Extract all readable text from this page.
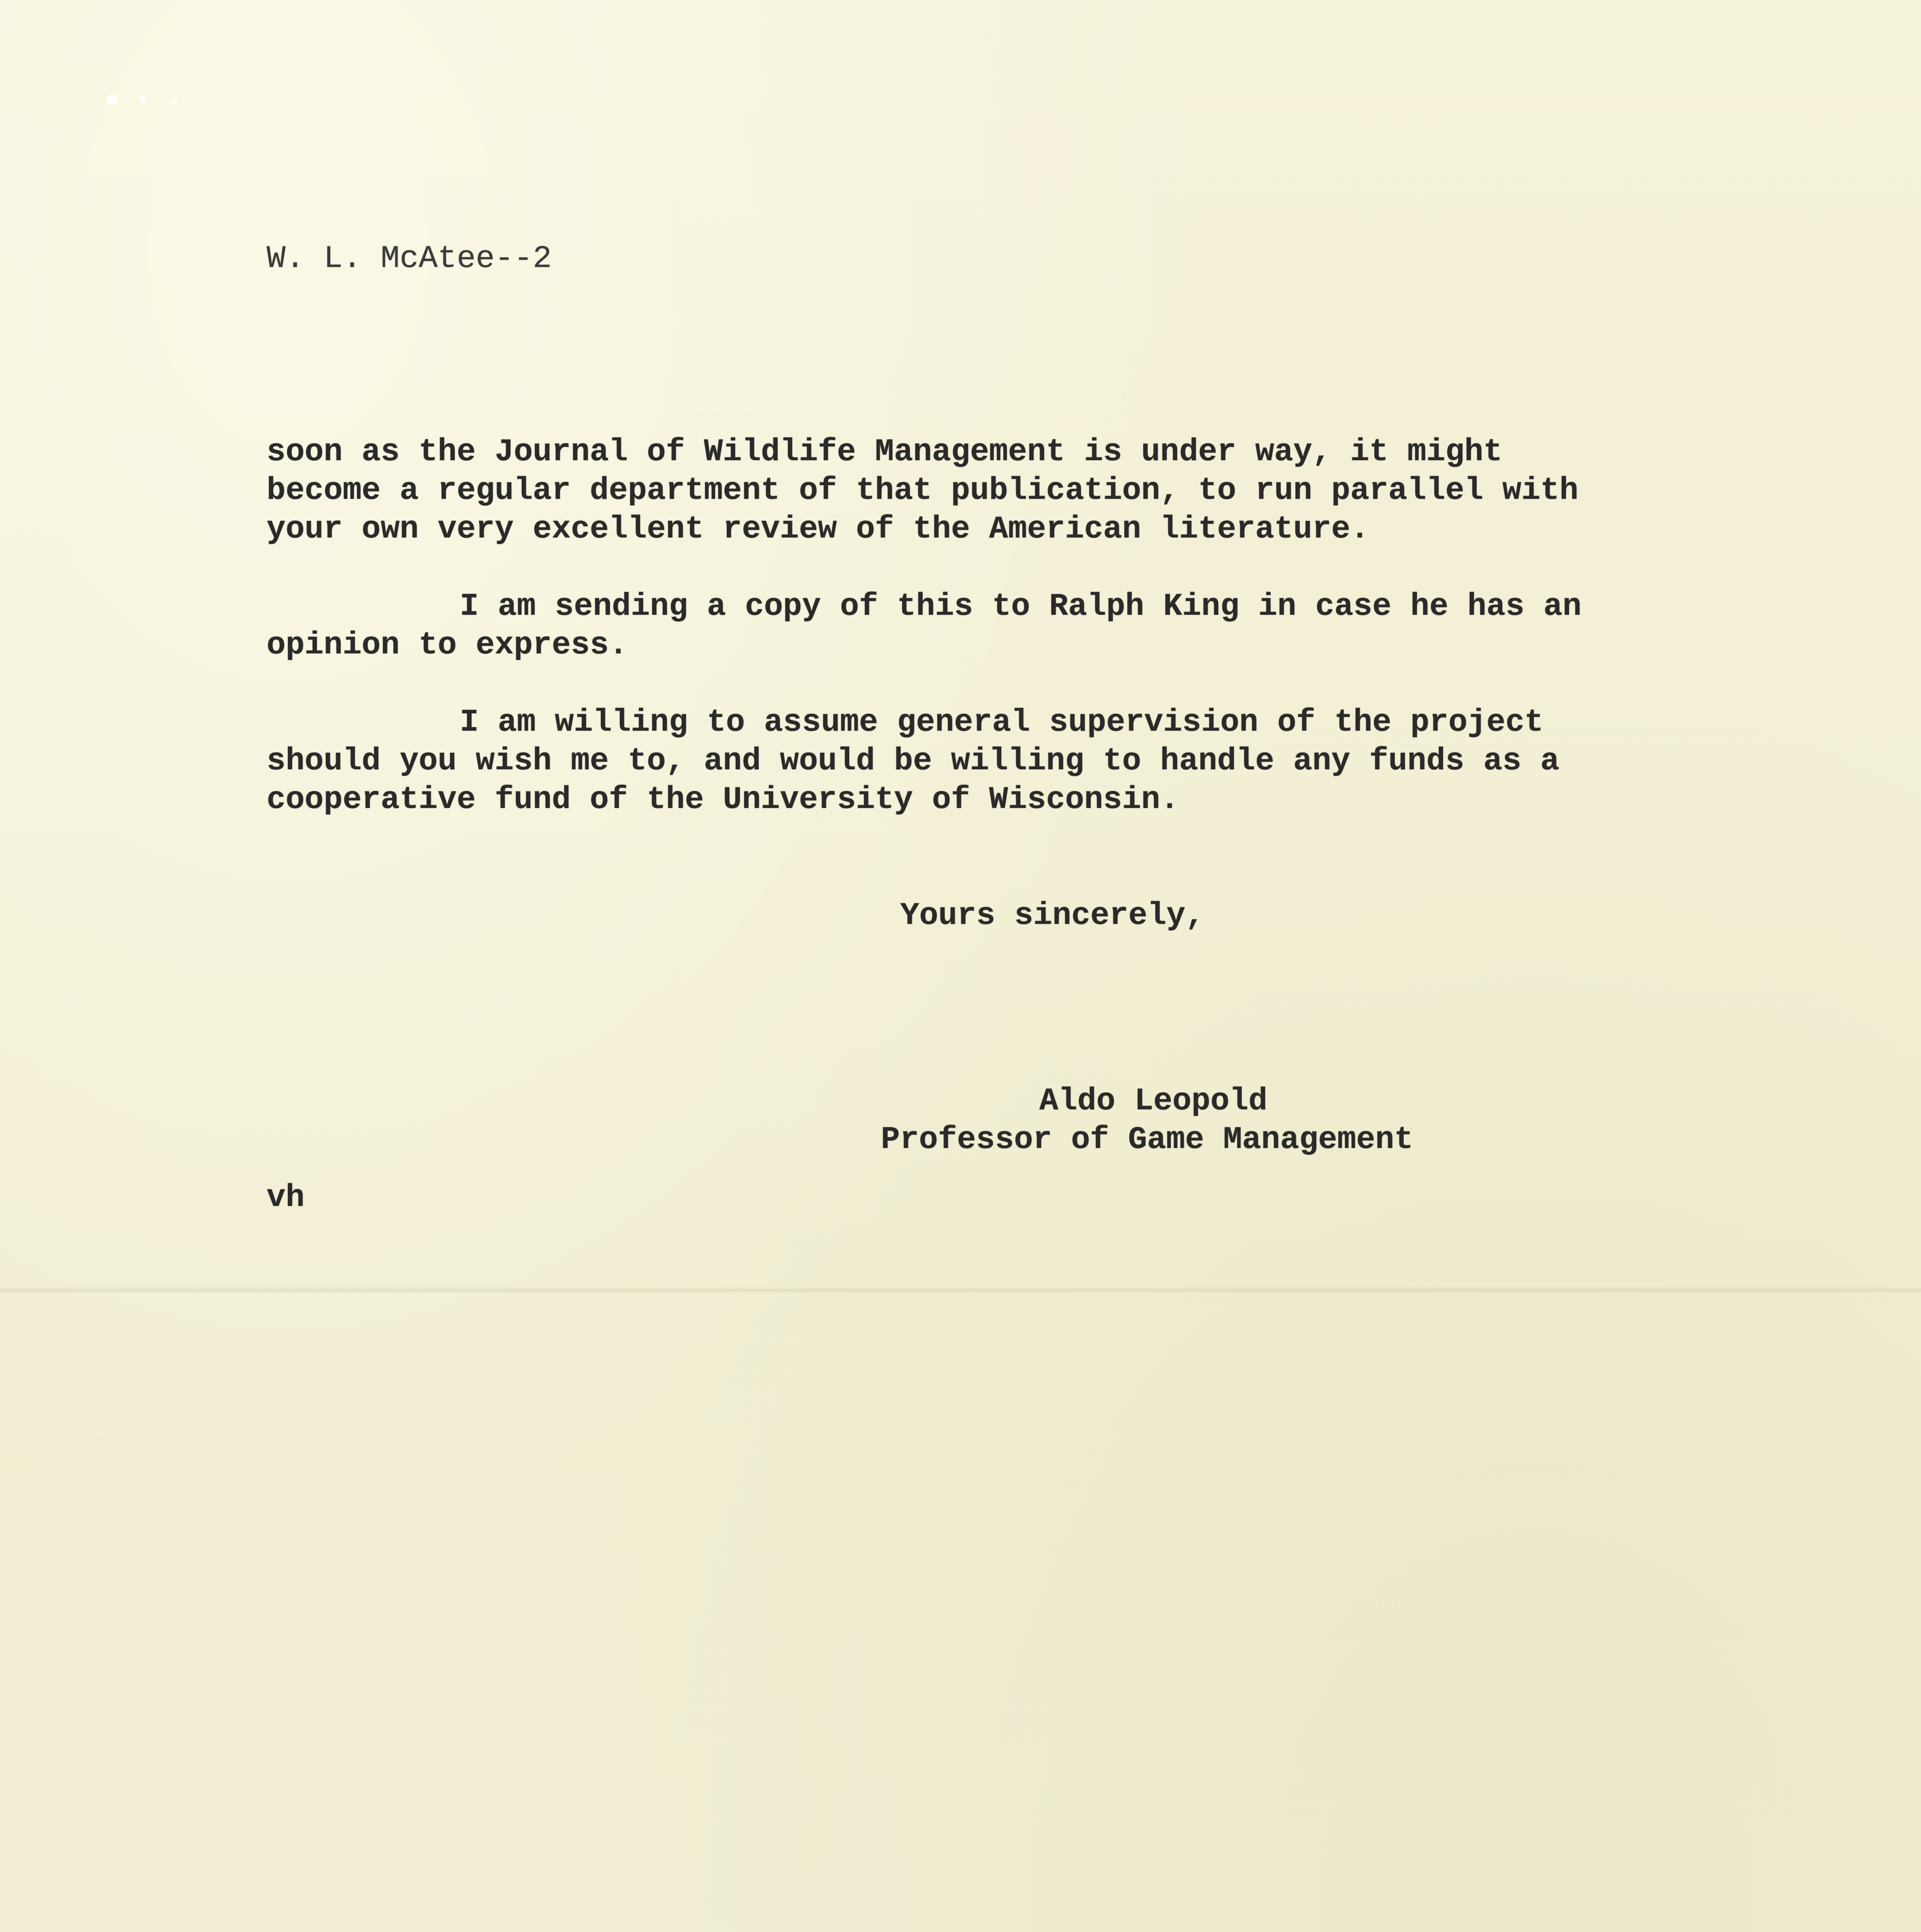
W. L. McAtee--2
soon as the Journal of Wildlife Management is under way, it might
become a regular department of that publication, to run parallel with
your own very excellent review of the American literature.
I am sending a copy of this to Ralph King in case he has an
opinion to express.
I am willing to assume general supervision of the project
should you wish me to, and would be willing to handle any funds as a
cooperative fund of the University of Wisconsin.
Yours sincerely,
Aldo Leopold
Professor of Game Management
vh
